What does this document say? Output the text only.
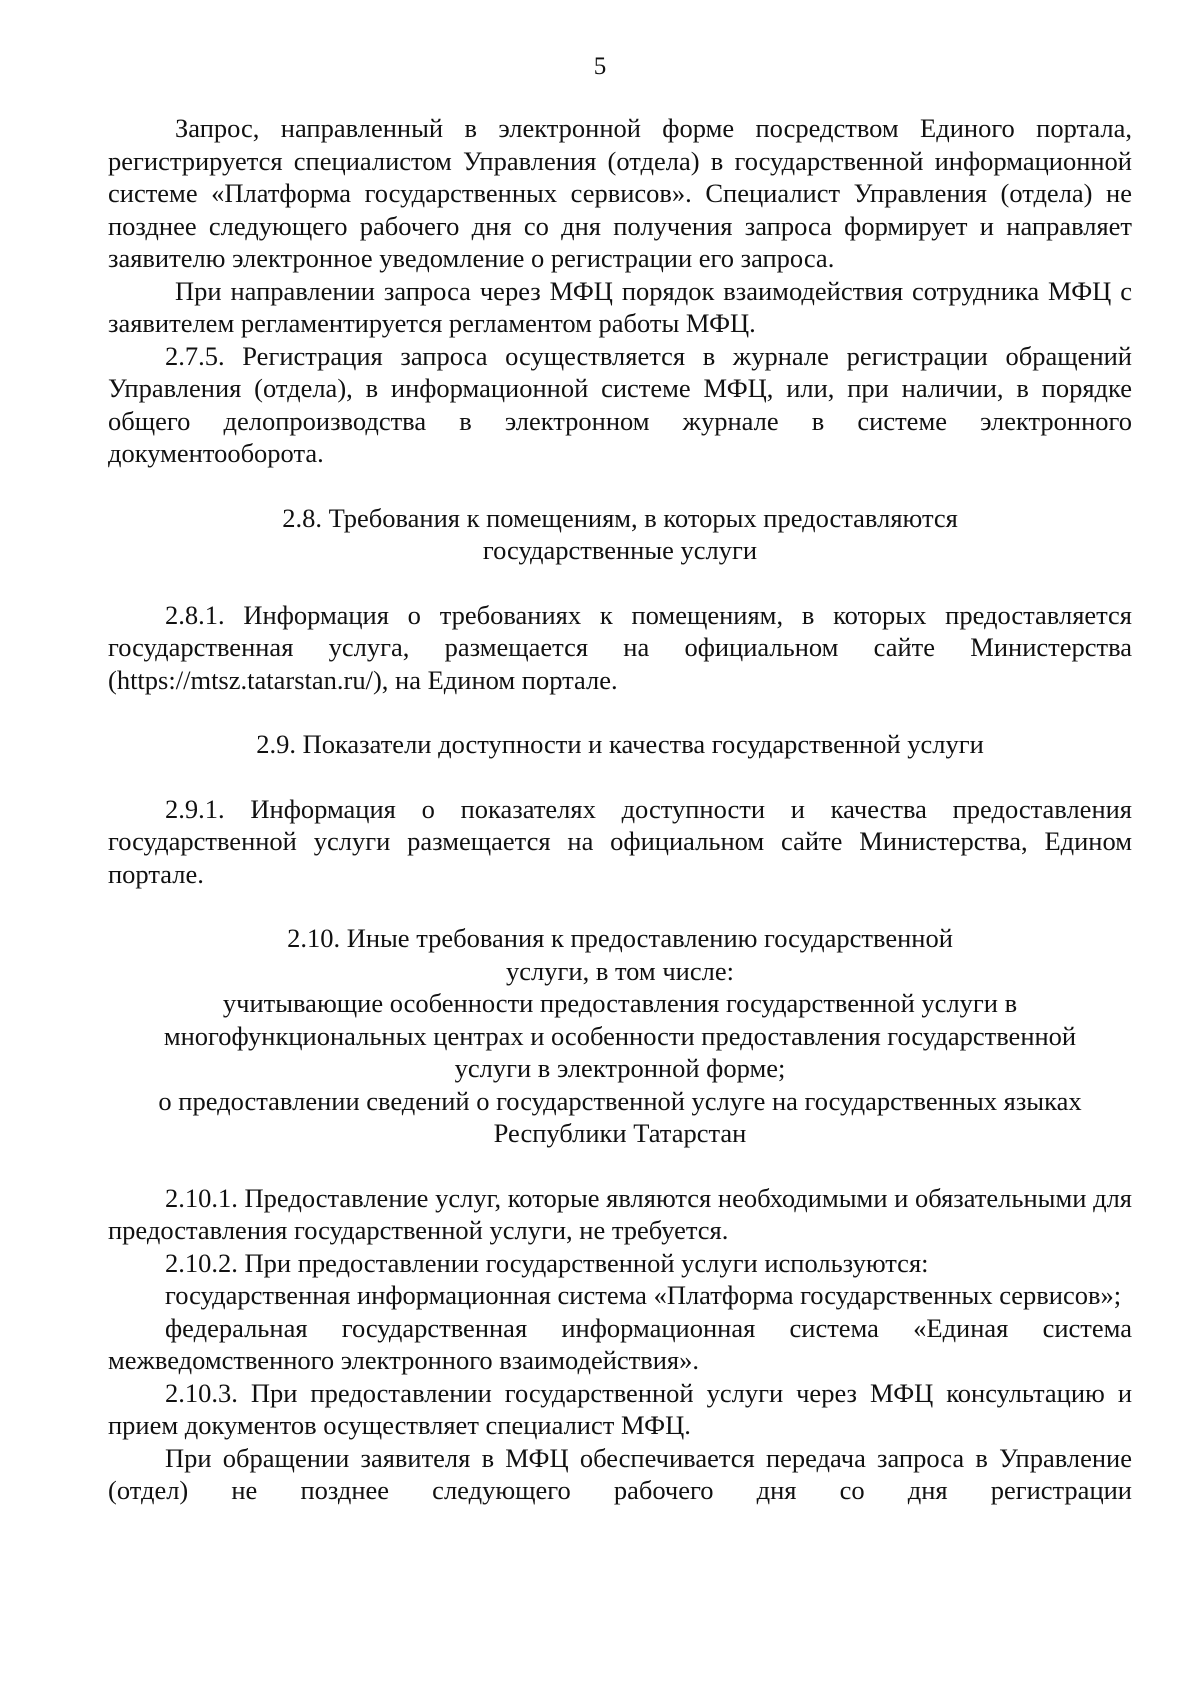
5

Запрос, направленный в электронной форме посредством Единого портала, регистрируется специалистом Управления (отдела) в государственной информационной системе «Платформа государственных сервисов». Специалист Управления (отдела) не позднее следующего рабочего дня со дня получения запроса формирует и направляет заявителю электронное уведомление о регистрации его запроса.

При направлении запроса через МФЦ порядок взаимодействия сотрудника МФЦ с заявителем регламентируется регламентом работы МФЦ.

2.7.5. Регистрация запроса осуществляется в журнале регистрации обращений Управления (отдела), в информационной системе МФЦ, или, при наличии, в порядке общего делопроизводства в электронном журнале в системе электронного документооборота.

2.8. Требования к помещениям, в которых предоставляются
государственные услуги

2.8.1. Информация о требованиях к помещениям, в которых предоставляется государственная услуга, размещается на официальном сайте Министерства (https://mtsz.tatarstan.ru/), на Едином портале.

2.9. Показатели доступности и качества государственной услуги

2.9.1. Информация о показателях доступности и качества предоставления государственной услуги размещается на официальном сайте Министерства, Едином портале.

2.10. Иные требования к предоставлению государственной
услуги, в том числе:
учитывающие особенности предоставления государственной услуги в
многофункциональных центрах и особенности предоставления государственной
услуги в электронной форме;
о предоставлении сведений о государственной услуге на государственных языках
Республики Татарстан

2.10.1. Предоставление услуг, которые являются необходимыми и обязательными для предоставления государственной услуги, не требуется.

2.10.2. При предоставлении государственной услуги используются:

государственная информационная система «Платформа государственных сервисов»;

федеральная государственная информационная система «Единая система межведомственного электронного взаимодействия».

2.10.3. При предоставлении государственной услуги через МФЦ консультацию и прием документов осуществляет специалист МФЦ.

При обращении заявителя в МФЦ обеспечивается передача запроса в Управление (отдел) не позднее следующего рабочего дня со дня регистрации
